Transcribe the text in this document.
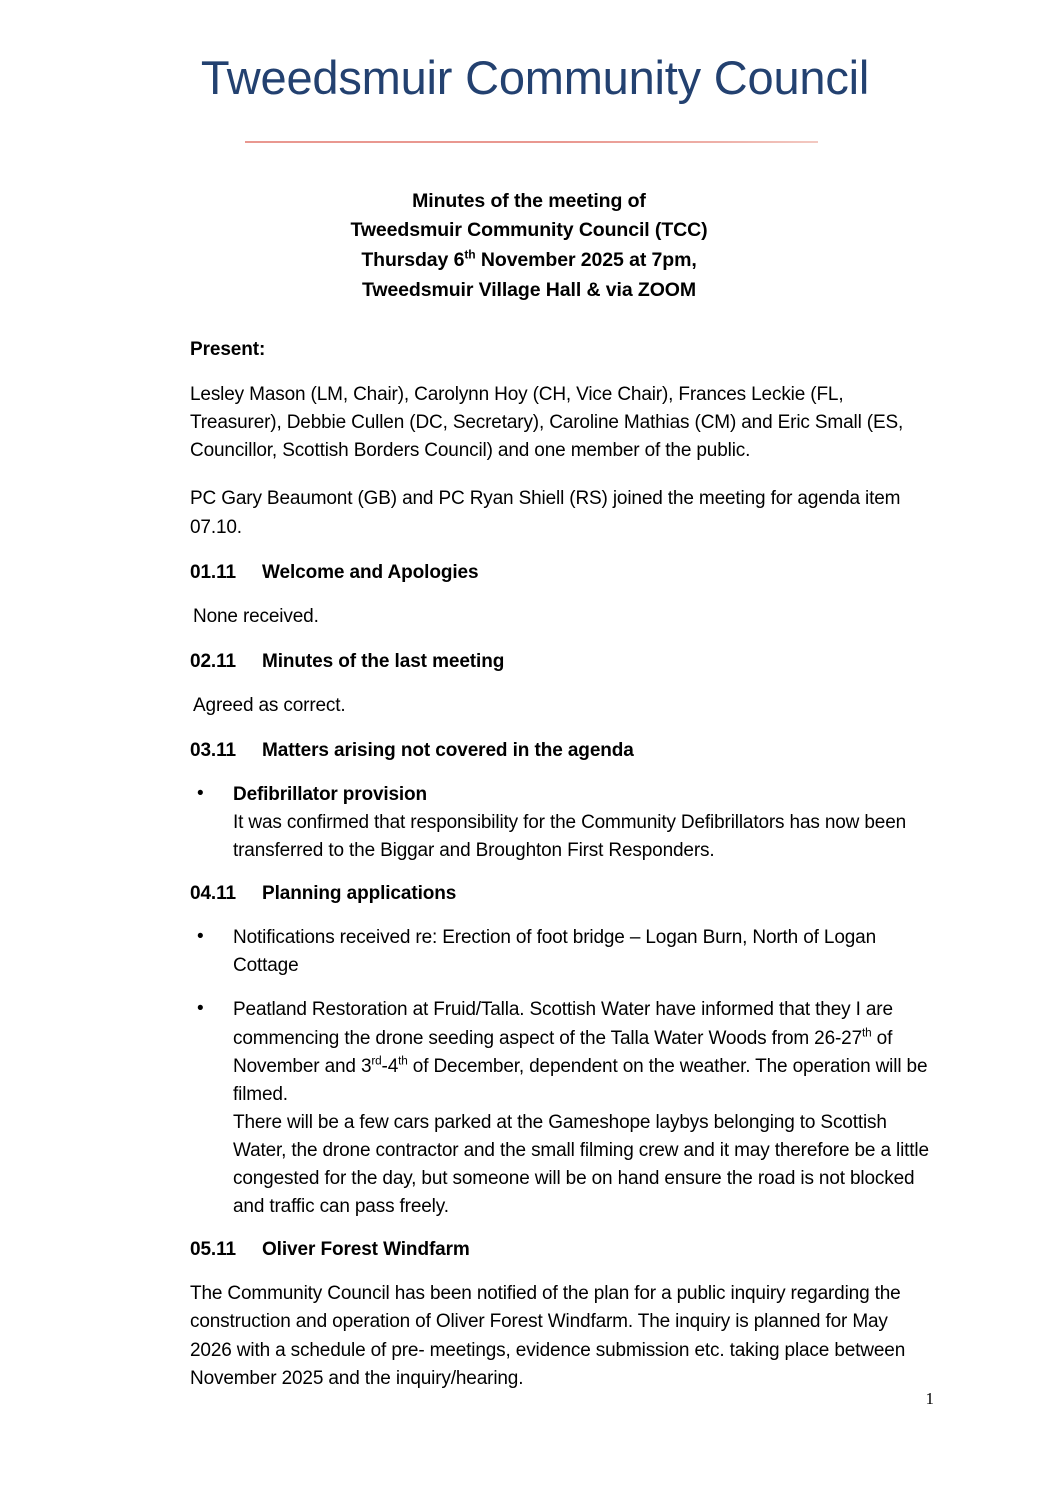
Tweedsmuir Community Council
Minutes of the meeting of
Tweedsmuir Community Council (TCC)
Thursday 6th November 2025 at 7pm,
Tweedsmuir Village Hall & via ZOOM
Present:

Lesley Mason (LM, Chair), Carolynn Hoy (CH, Vice Chair), Frances Leckie (FL, Treasurer), Debbie Cullen (DC, Secretary), Caroline Mathias (CM) and Eric Small (ES, Councillor, Scottish Borders Council) and one member of the public.

PC Gary Beaumont (GB) and PC Ryan Shiell (RS) joined the meeting for agenda item 07.10.

01.11 Welcome and Apologies

None received.

02.11 Minutes of the last meeting

Agreed as correct.

03.11 Matters arising not covered in the agenda
• Defibrillator provision
It was confirmed that responsibility for the Community Defibrillators has now been transferred to the Biggar and Broughton First Responders.
04.11 Planning applications
• Notifications received re: Erection of foot bridge – Logan Burn, North of Logan Cottage
• Peatland Restoration at Fruid/Talla. Scottish Water have informed that they I are commencing the drone seeding aspect of the Talla Water Woods from 26-27th of November and 3rd-4th of December, dependent on the weather. The operation will be filmed.
There will be a few cars parked at the Gameshope laybys belonging to Scottish Water, the drone contractor and the small filming crew and it may therefore be a little congested for the day, but someone will be on hand ensure the road is not blocked and traffic can pass freely.
05.11 Oliver Forest Windfarm

The Community Council has been notified of the plan for a public inquiry regarding the construction and operation of Oliver Forest Windfarm. The inquiry is planned for May 2026 with a schedule of pre- meetings, evidence submission etc. taking place between November 2025 and the inquiry/hearing.

1
